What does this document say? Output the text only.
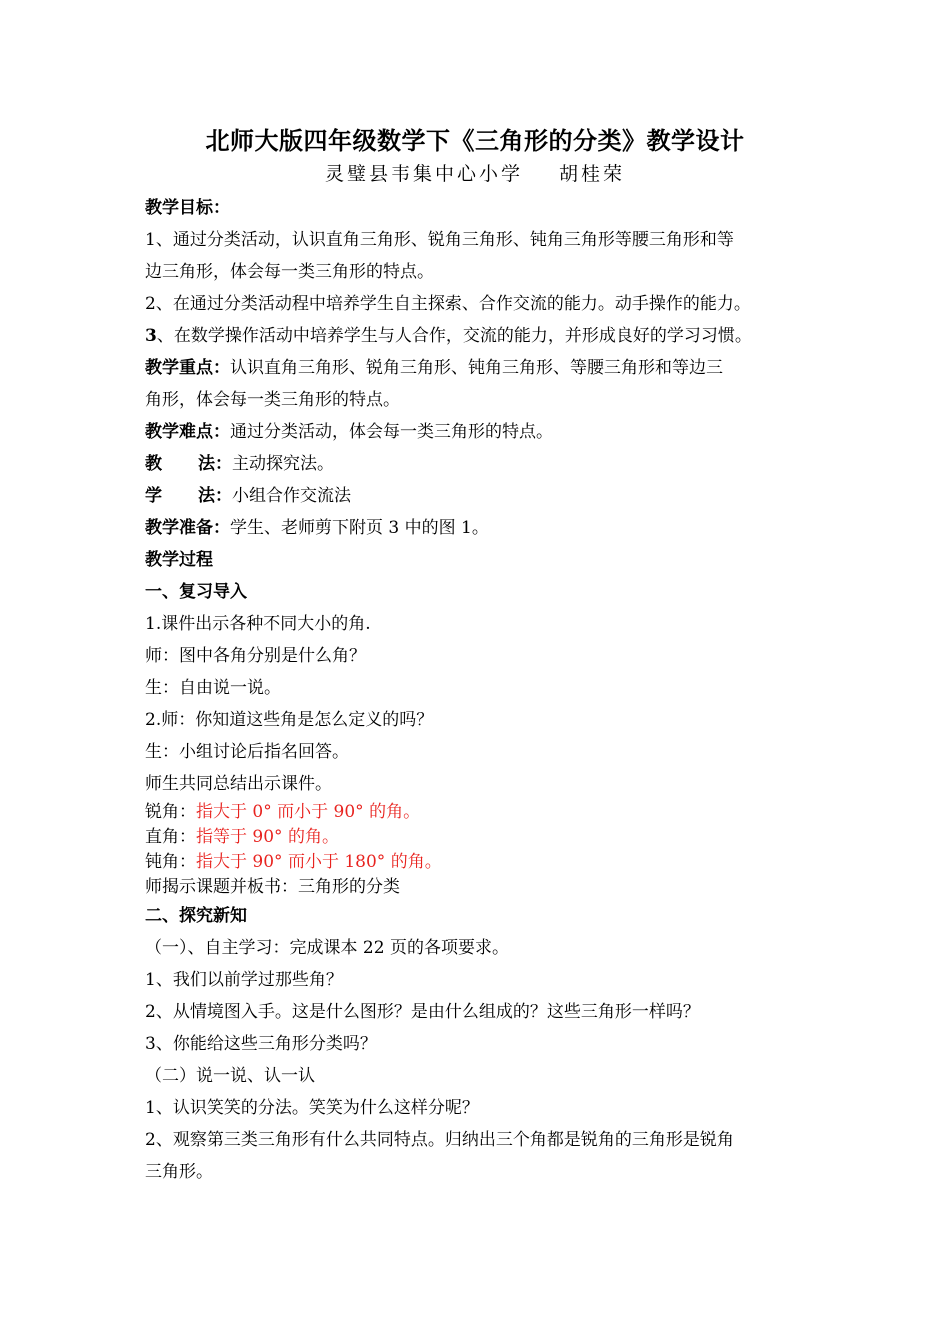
北师大版四年级数学下《三角形的分类》教学设计
灵璧县韦集中心小学 胡桂荣
教学目标：
1、通过分类活动，认识直角三角形、锐角三角形、钝角三角形等腰三角形和等
边三角形，体会每一类三角形的特点。
2、在通过分类活动程中培养学生自主探索、合作交流的能力。动手操作的能力。
3、在数学操作活动中培养学生与人合作，交流的能力，并形成良好的学习习惯。
教学重点：认识直角三角形、锐角三角形、钝角三角形、等腰三角形和等边三
角形，体会每一类三角形的特点。
教学难点：通过分类活动，体会每一类三角形的特点。
教 法：主动探究法。
学 法：小组合作交流法
教学准备：学生、老师剪下附页 3 中的图 1。
教学过程
一、复习导入
1.课件出示各种不同大小的角.
师：图中各角分别是什么角？
生：自由说一说。
2.师：你知道这些角是怎么定义的吗？
生：小组讨论后指名回答。
师生共同总结出示课件。
锐角：指大于 0° 而小于 90° 的角。
直角：指等于 90° 的角。
钝角：指大于 90° 而小于 180° 的角。
师揭示课题并板书：三角形的分类
二、探究新知
（一）、自主学习：完成课本 22 页的各项要求。
1、我们以前学过那些角？
2、从情境图入手。这是什么图形？是由什么组成的？这些三角形一样吗？
3、你能给这些三角形分类吗？
（二）说一说、认一认
1、认识笑笑的分法。笑笑为什么这样分呢？
2、观察第三类三角形有什么共同特点。归纳出三个角都是锐角的三角形是锐角
三角形。
